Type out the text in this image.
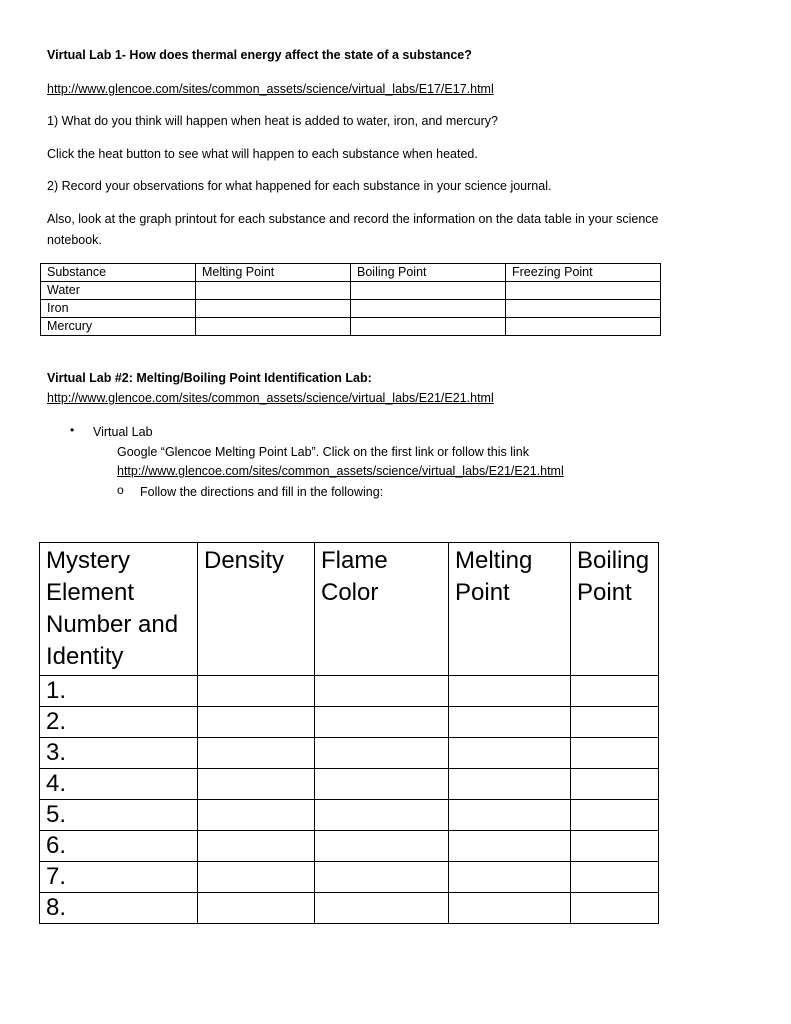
Virtual Lab 1- How does thermal energy affect the state of a substance?
http://www.glencoe.com/sites/common_assets/science/virtual_labs/E17/E17.html
1) What do you think will happen when heat is added to water, iron, and mercury?
Click the heat button to see what will happen to each substance when heated.
2) Record your observations for what happened for each substance in your science journal.
Also, look at the graph printout for each substance and record the information on the data table in your science notebook.
Substance	Melting Point	Boiling Point	Freezing Point
Water			
Iron			
Mercury			
Virtual Lab #2: Melting/Boiling Point Identification Lab:
http://www.glencoe.com/sites/common_assets/science/virtual_labs/E21/E21.html
• Virtual Lab
Google “Glencoe Melting Point Lab”. Click on the first link or follow this link
http://www.glencoe.com/sites/common_assets/science/virtual_labs/E21/E21.html
o Follow the directions and fill in the following:
Mystery Element Number and Identity	Density	Flame Color	Melting Point	Boiling Point
1.				
2.				
3.				
4.				
5.				
6.				
7.				
8.				
